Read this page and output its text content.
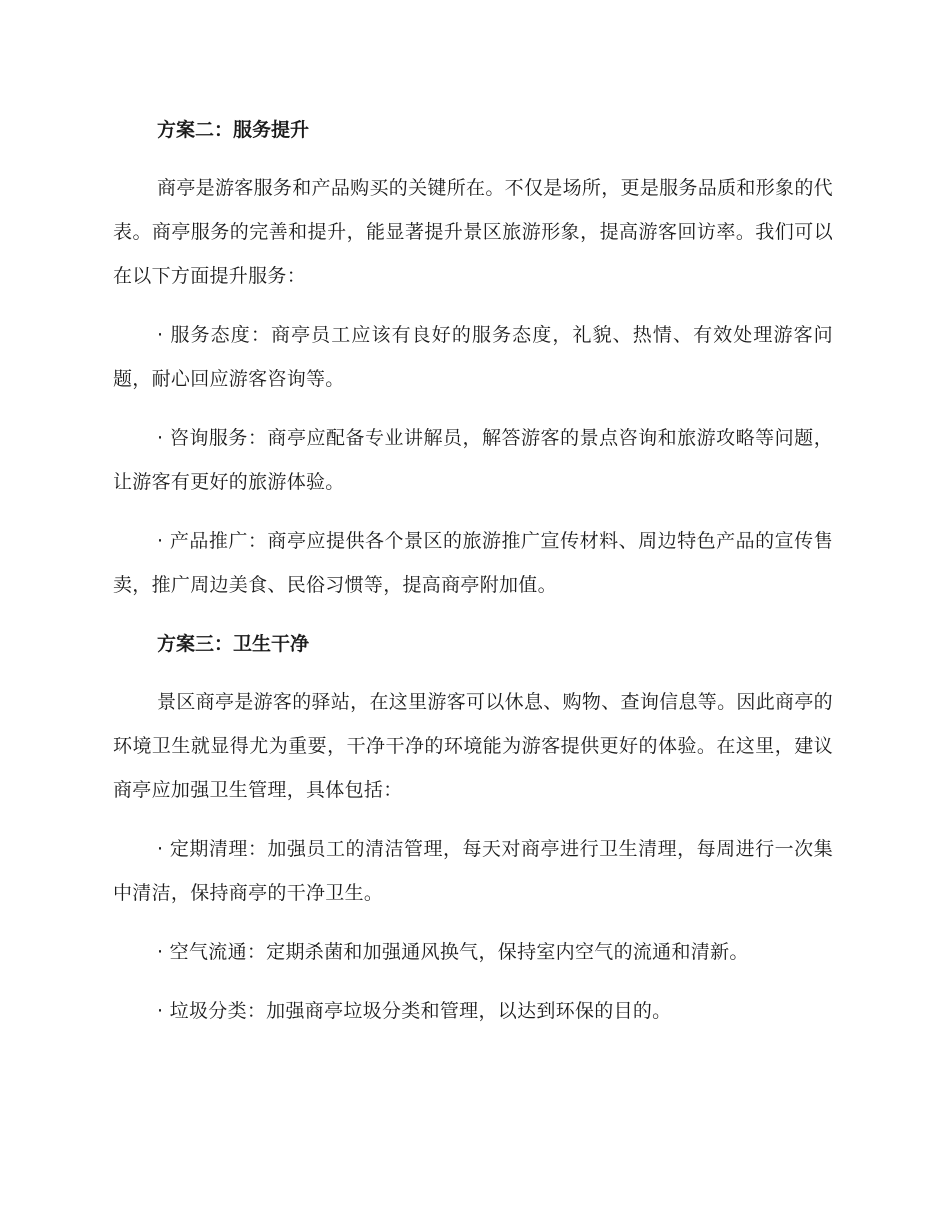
方案二：服务提升

商亭是游客服务和产品购买的关键所在。不仅是场所，更是服务品质和形象的代表。商亭服务的完善和提升，能显著提升景区旅游形象，提高游客回访率。我们可以在以下方面提升服务：

· 服务态度：商亭员工应该有良好的服务态度，礼貌、热情、有效处理游客问题，耐心回应游客咨询等。

· 咨询服务：商亭应配备专业讲解员，解答游客的景点咨询和旅游攻略等问题，让游客有更好的旅游体验。

· 产品推广：商亭应提供各个景区的旅游推广宣传材料、周边特色产品的宣传售卖，推广周边美食、民俗习惯等，提高商亭附加值。

方案三：卫生干净

景区商亭是游客的驿站，在这里游客可以休息、购物、查询信息等。因此商亭的环境卫生就显得尤为重要，干净干净的环境能为游客提供更好的体验。在这里，建议商亭应加强卫生管理，具体包括：

· 定期清理：加强员工的清洁管理，每天对商亭进行卫生清理，每周进行一次集中清洁，保持商亭的干净卫生。

· 空气流通：定期杀菌和加强通风换气，保持室内空气的流通和清新。

· 垃圾分类：加强商亭垃圾分类和管理，以达到环保的目的。
